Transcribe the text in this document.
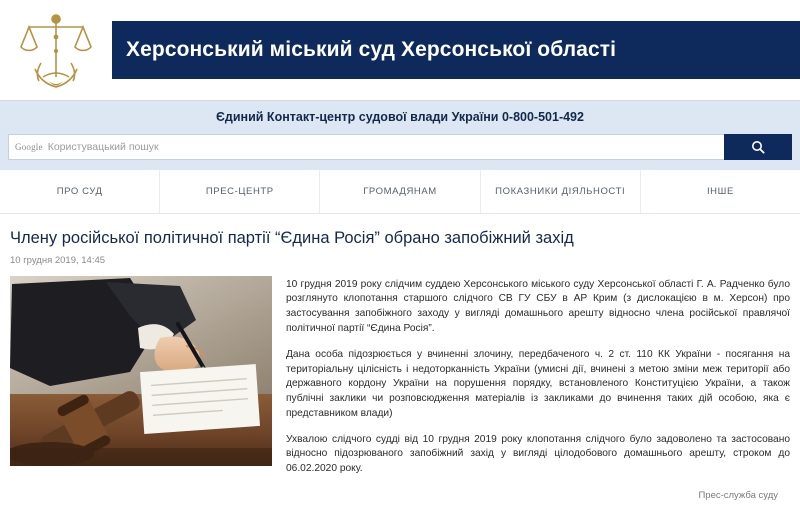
Херсонський міський суд Херсонської області
Єдиний Контакт-центр судової влади України 0-800-501-492
Google Користувацький пошук
ПРО СУД	ПРЕС-ЦЕНТР	ГРОМАДЯНАМ	ПОКАЗНИКИ ДІЯЛЬНОСТІ	ІНШЕ
Члену російської політичної партії “Єдина Росія” обрано запобіжний захід
10 грудня 2019, 14:45

10 грудня 2019 року слідчим суддею Херсонського міського суду Херсонської області Г. А. Радченко було розглянуто клопотання старшого слідчого СВ ГУ СБУ в АР Крим (з дислокацією в м. Херсон) про застосування запобіжного заходу у вигляді домашнього арешту відносно члена російської правлячої політичної партії “Єдина Росія”.

Дана особа підозрюється у вчиненні злочину, передбаченого ч. 2 ст. 110 КК України - посягання на територіальну цілісність і недоторканність України (умисні дії, вчинені з метою зміни меж території або державного кордону України на порушення порядку, встановленого Конституцією України, а також публічні заклики чи розповсюдження матеріалів із закликами до вчинення таких дій особою, яка є представником влади)

Ухвалою слідчого судді від 10 грудня 2019 року клопотання слідчого було задоволено та застосовано відносно підозрюваного запобіжний захід у вигляді цілодобового домашнього арешту, строком до 06.02.2020 року.

Прес-служба суду
